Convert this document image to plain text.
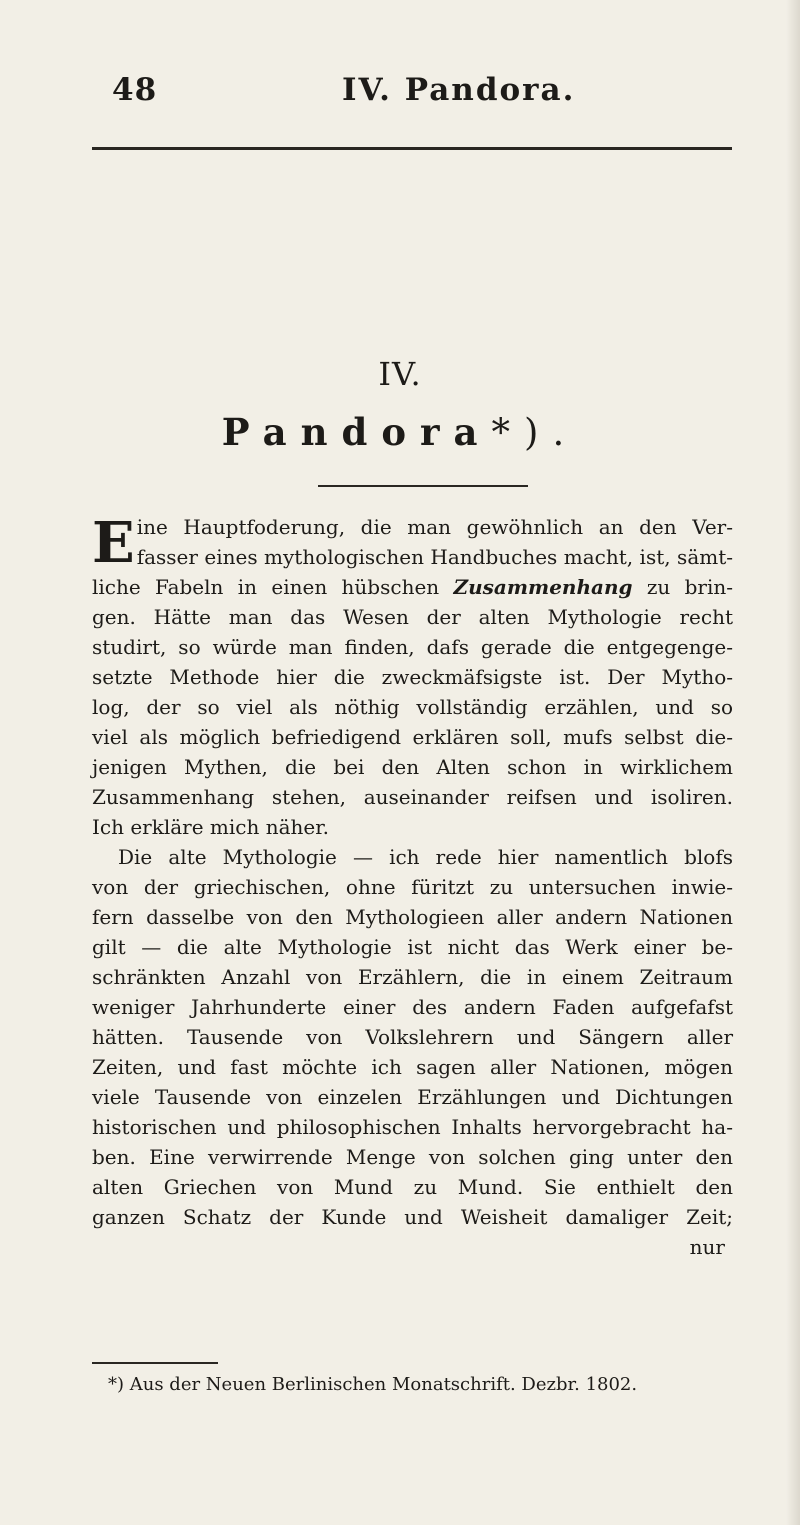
48	IV. Pandora.
IV.
Pandora*).
E ine Hauptfoderung, die man gewöhnlich an den Ver-
fasser eines mythologischen Handbuches macht, ist, sämt-
liche Fabeln in einen hübschen Zusammenhang zu brin-
gen. Hätte man das Wesen der alten Mythologie recht
studirt, so würde man finden, dafs gerade die entgegenge-
setzte Methode hier die zweckmäfsigste ist. Der Mytho-
log, der so viel als nöthig vollständig erzählen, und so
viel als möglich befriedigend erklären soll, mufs selbst die-
jenigen Mythen, die bei den Alten schon in wirklichem
Zusammenhang stehen, auseinander reifsen und isoliren.
Ich erkläre mich näher.
Die alte Mythologie — ich rede hier namentlich blofs
von der griechischen, ohne füritzt zu untersuchen inwie-
fern dasselbe von den Mythologieen aller andern Nationen
gilt — die alte Mythologie ist nicht das Werk einer be-
schränkten Anzahl von Erzählern, die in einem Zeitraum
weniger Jahrhunderte einer des andern Faden aufgefafst
hätten. Tausende von Volkslehrern und Sängern aller
Zeiten, und fast möchte ich sagen aller Nationen, mögen
viele Tausende von einzelen Erzählungen und Dichtungen
historischen und philosophischen Inhalts hervorgebracht ha-
ben. Eine verwirrende Menge von solchen ging unter den
alten Griechen von Mund zu Mund. Sie enthielt den
ganzen Schatz der Kunde und Weisheit damaliger Zeit;
nur
*) Aus der Neuen Berlinischen Monatschrift. Dezbr. 1802.
